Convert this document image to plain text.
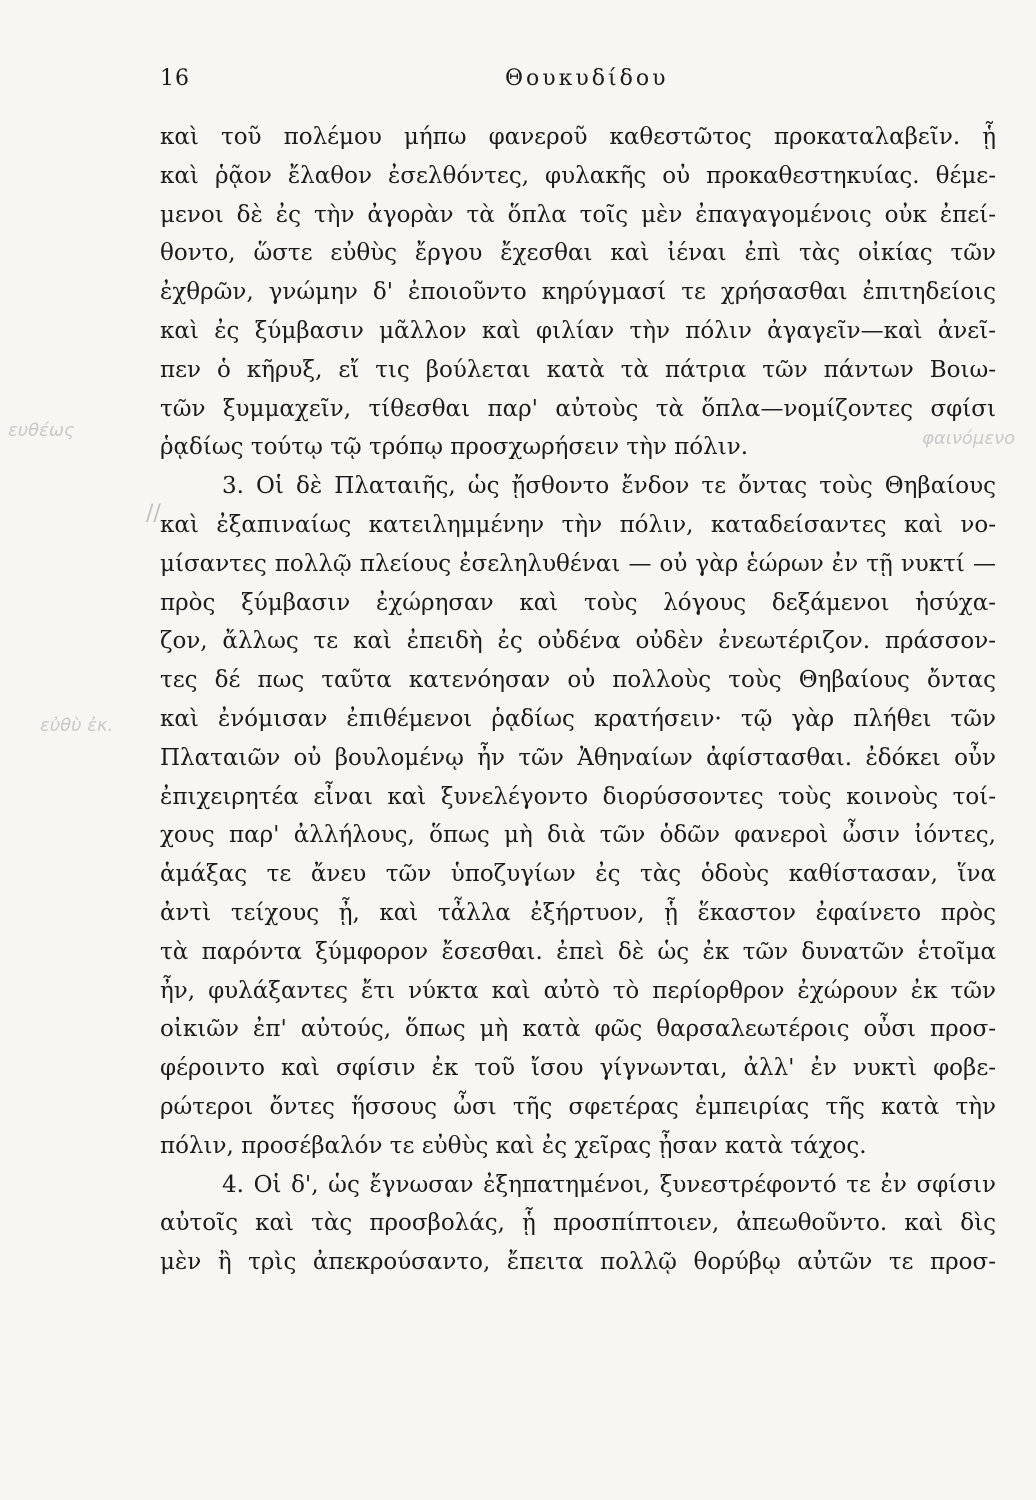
16	Θουκυδίδου
ευθέως	φαινόμενο
εὐθὺ ἐκ.
//
καὶ τοῦ πολέμου μήπω φανεροῦ καθεστῶτος προκαταλαβεῖν. ᾗ
καὶ ῥᾷον ἔλαθον ἐσελθόντες, φυλακῆς οὐ προκαθεστηκυίας. θέμε-
μενοι δὲ ἐς τὴν ἀγορὰν τὰ ὅπλα τοῖς μὲν ἐπαγαγομένοις οὐκ ἐπεί-
θοντο, ὥστε εὐθὺς ἔργου ἔχεσθαι καὶ ἰέναι ἐπὶ τὰς οἰκίας τῶν
ἐχθρῶν, γνώμην δ' ἐποιοῦντο κηρύγμασί τε χρήσασθαι ἐπιτηδείοις
καὶ ἐς ξύμβασιν μᾶλλον καὶ φιλίαν τὴν πόλιν ἀγαγεῖν—καὶ ἀνεῖ-
πεν ὁ κῆρυξ, εἴ τις βούλεται κατὰ τὰ πάτρια τῶν πάντων Βοιω-
τῶν ξυμμαχεῖν, τίθεσθαι παρ' αὐτοὺς τὰ ὅπλα—νομίζοντες σφίσι
ῥᾳδίως τούτῳ τῷ τρόπῳ προσχωρήσειν τὴν πόλιν.
3. Οἱ δὲ Πλαταιῆς, ὡς ᾔσθοντο ἔνδον τε ὄντας τοὺς Θηβαίους
καὶ ἐξαπιναίως κατειλημμένην τὴν πόλιν, καταδείσαντες καὶ νο-
μίσαντες πολλῷ πλείους ἐσεληλυθέναι — οὐ γὰρ ἑώρων ἐν τῇ νυκτί —
πρὸς ξύμβασιν ἐχώρησαν καὶ τοὺς λόγους δεξάμενοι ἡσύχα-
ζον, ἄλλως τε καὶ ἐπειδὴ ἐς οὐδένα οὐδὲν ἐνεωτέριζον. πράσσον-
τες δέ πως ταῦτα κατενόησαν οὐ πολλοὺς τοὺς Θηβαίους ὄντας
καὶ ἐνόμισαν ἐπιθέμενοι ῥᾳδίως κρατήσειν· τῷ γὰρ πλήθει τῶν
Πλαταιῶν οὐ βουλομένῳ ἦν τῶν Ἀθηναίων ἀφίστασθαι. ἐδόκει οὖν
ἐπιχειρητέα εἶναι καὶ ξυνελέγοντο διορύσσοντες τοὺς κοινοὺς τοί-
χους παρ' ἀλλήλους, ὅπως μὴ διὰ τῶν ὁδῶν φανεροὶ ὦσιν ἰόντες,
ἁμάξας τε ἄνευ τῶν ὑποζυγίων ἐς τὰς ὁδοὺς καθίστασαν, ἵνα
ἀντὶ τείχους ᾖ, καὶ τἆλλα ἐξήρτυον, ᾗ ἕκαστον ἐφαίνετο πρὸς
τὰ παρόντα ξύμφορον ἔσεσθαι. ἐπεὶ δὲ ὡς ἐκ τῶν δυνατῶν ἑτοῖμα
ἦν, φυλάξαντες ἔτι νύκτα καὶ αὐτὸ τὸ περίορθρον ἐχώρουν ἐκ τῶν
οἰκιῶν ἐπ' αὐτούς, ὅπως μὴ κατὰ φῶς θαρσαλεωτέροις οὖσι προσ-
φέροιντο καὶ σφίσιν ἐκ τοῦ ἴσου γίγνωνται, ἀλλ' ἐν νυκτὶ φοβε-
ρώτεροι ὄντες ἥσσους ὦσι τῆς σφετέρας ἐμπειρίας τῆς κατὰ τὴν
πόλιν, προσέβαλόν τε εὐθὺς καὶ ἐς χεῖρας ᾖσαν κατὰ τάχος.
4. Οἱ δ', ὡς ἔγνωσαν ἐξηπατημένοι, ξυνεστρέφοντό τε ἐν σφίσιν
αὐτοῖς καὶ τὰς προσβολάς, ᾗ προσπίπτοιεν, ἀπεωθοῦντο. καὶ δὶς
μὲν ἢ τρὶς ἀπεκρούσαντο, ἔπειτα πολλῷ θορύβῳ αὐτῶν τε προσ-
